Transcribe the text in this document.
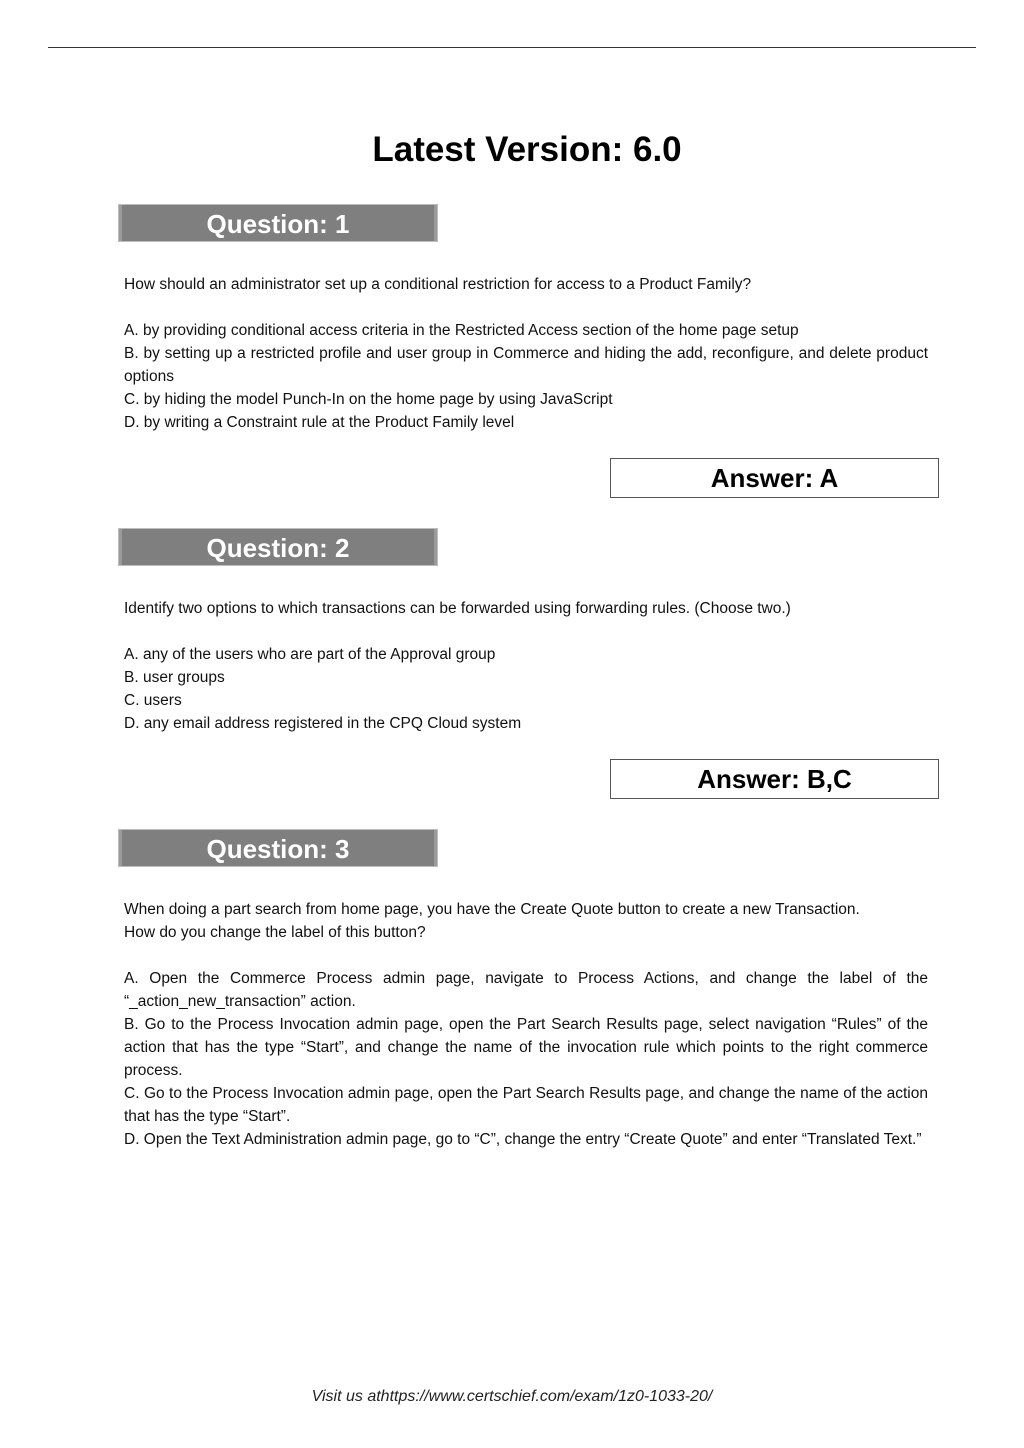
Latest Version: 6.0
Question: 1

How should an administrator set up a conditional restriction for access to a Product Family?

A. by providing conditional access criteria in the Restricted Access section of the home page setup

B. by setting up a restricted profile and user group in Commerce and hiding the add, reconfigure, and delete product options

C. by hiding the model Punch-In on the home page by using JavaScript

D. by writing a Constraint rule at the Product Family level

Answer: A
Question: 2

Identify two options to which transactions can be forwarded using forwarding rules. (Choose two.)

A. any of the users who are part of the Approval group

B. user groups

C. users

D. any email address registered in the CPQ Cloud system

Answer: B,C
Question: 3

When doing a part search from home page, you have the Create Quote button to create a new Transaction.

How do you change the label of this button?

A. Open the Commerce Process admin page, navigate to Process Actions, and change the label of the “_action_new_transaction” action.

B. Go to the Process Invocation admin page, open the Part Search Results page, select navigation “Rules” of the action that has the type “Start”, and change the name of the invocation rule which points to the right commerce process.

C. Go to the Process Invocation admin page, open the Part Search Results page, and change the name of the action that has the type “Start”.

D. Open the Text Administration admin page, go to “C”, change the entry “Create Quote” and enter “Translated Text.”

Visit us athttps://www.certschief.com/exam/1z0-1033-20/
